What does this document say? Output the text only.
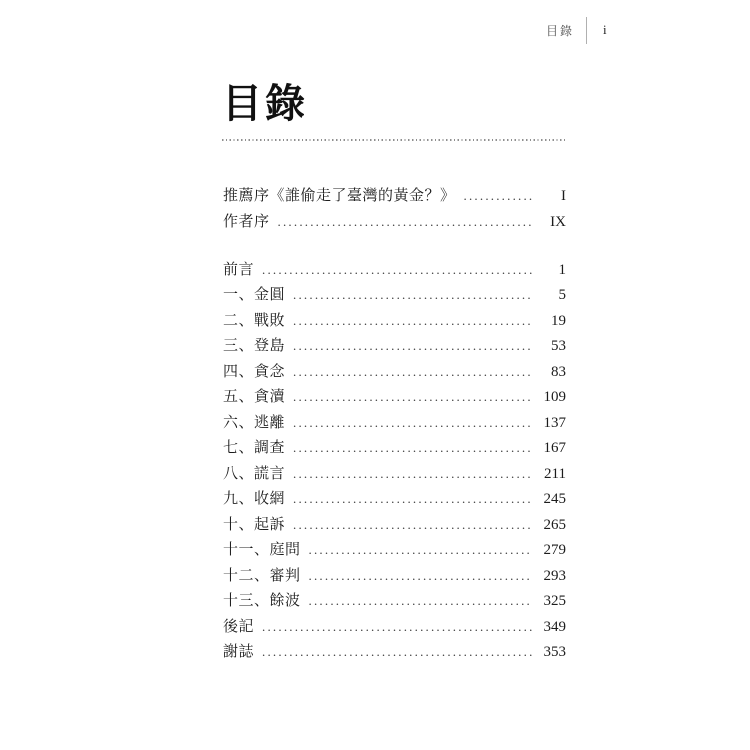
目錄 i
目錄
推薦序《誰偷走了臺灣的黃金？》 .....	I
作者序 .....	IX
前言 .....	1
一、金圓 .....	5
二、戰敗 .....	19
三、登島 .....	53
四、貪念 .....	83
五、貪瀆 .....	109
六、逃離 .....	137
七、調查 .....	167
八、謊言 .....	211
九、收網 .....	245
十、起訴 .....	265
十一、庭問 .....	279
十二、審判 .....	293
十三、餘波 .....	325
後記 .....	349
謝誌 .....	353
